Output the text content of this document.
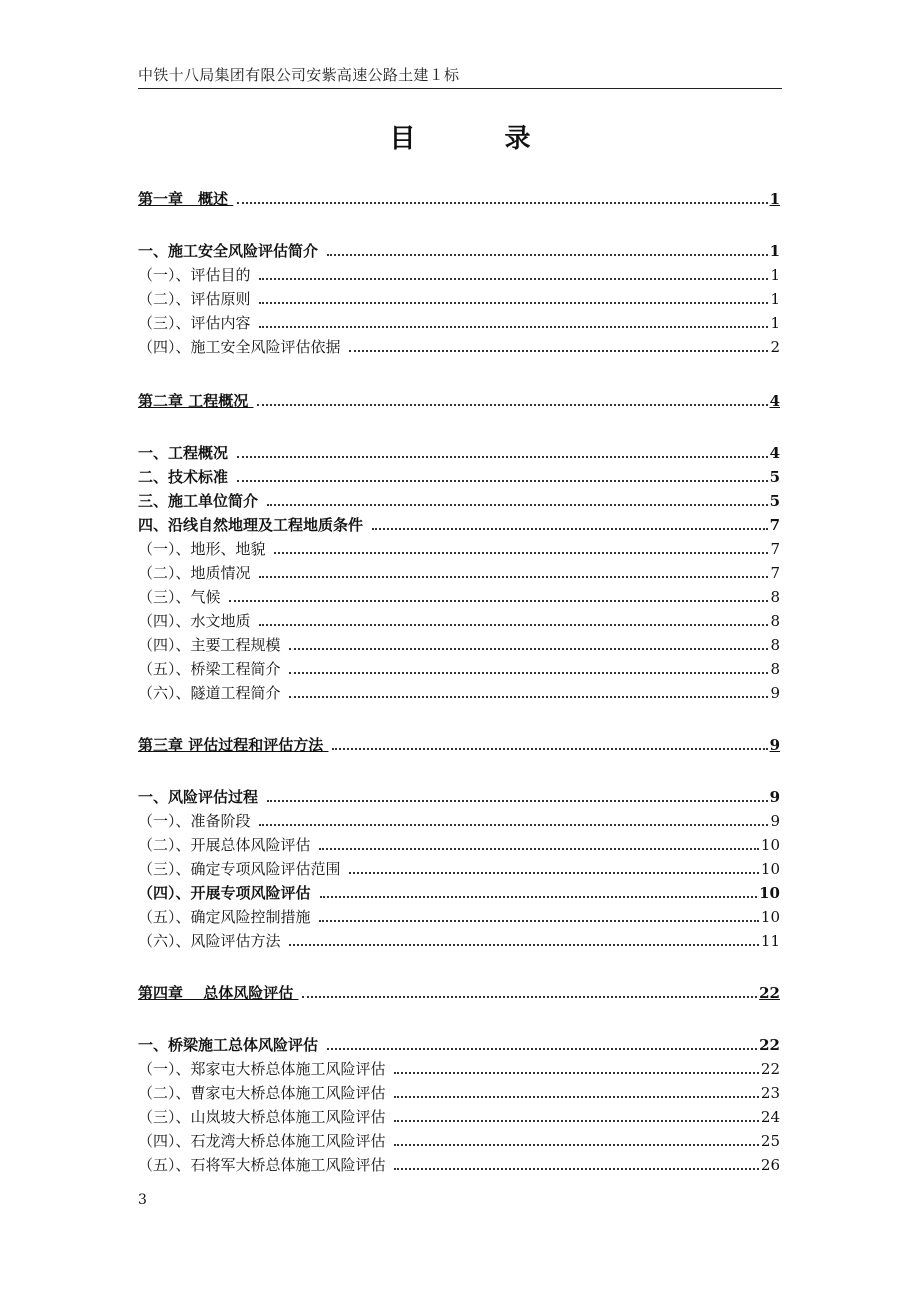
中铁十八局集团有限公司安紫高速公路土建１标
目 录
第一章　概述	1
一、施工安全风险评估简介	1
（一）、评估目的	1
（二）、评估原则	1
（三）、评估内容	1
（四）、施工安全风险评估依据	2
第二章 工程概况	4
一、工程概况	4
二、技术标准	5
三、施工单位简介	5
四、沿线自然地理及工程地质条件	7
（一）、地形、地貌	7
（二）、地质情况	7
（三）、气候	8
（四）、水文地质	8
（四）、主要工程规模	8
（五）、桥梁工程简介	8
（六）、隧道工程简介	9
第三章 评估过程和评估方法	9
一、风险评估过程	9
（一）、准备阶段	9
（二）、开展总体风险评估	10
（三）、确定专项风险评估范围	10
（四）、开展专项风险评估	10
（五）、确定风险控制措施	10
（六）、风险评估方法	11
第四章　 总体风险评估	22
一、桥梁施工总体风险评估	22
（一）、郑家屯大桥总体施工风险评估	22
（二）、曹家屯大桥总体施工风险评估	23
（三）、山岚坡大桥总体施工风险评估	24
（四）、石龙湾大桥总体施工风险评估	25
（五）、石将军大桥总体施工风险评估	26
3
